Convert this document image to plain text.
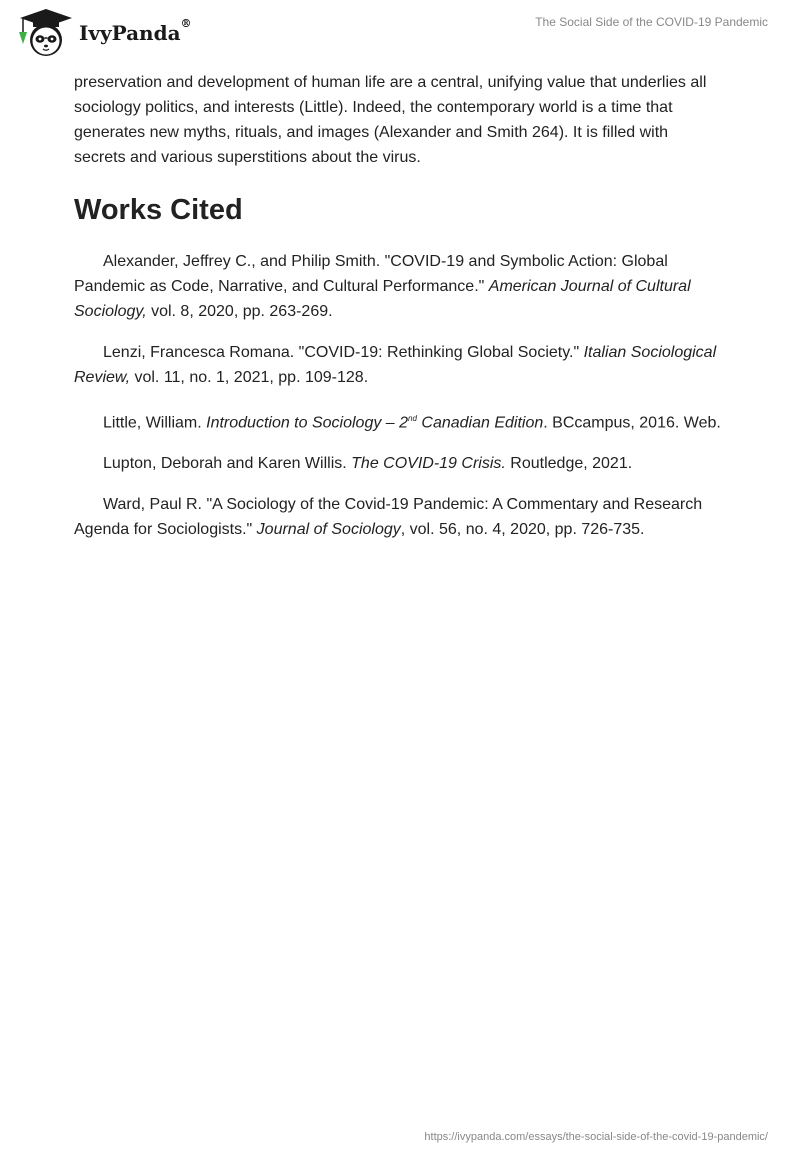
IvyPanda®	The Social Side of the COVID-19 Pandemic

preservation and development of human life are a central, unifying value that underlies all sociology politics, and interests (Little). Indeed, the contemporary world is a time that generates new myths, rituals, and images (Alexander and Smith 264). It is filled with secrets and various superstitions about the virus.

Works Cited

Alexander, Jeffrey C., and Philip Smith. "COVID-19 and Symbolic Action: Global Pandemic as Code, Narrative, and Cultural Performance." American Journal of Cultural Sociology, vol. 8, 2020, pp. 263-269.

Lenzi, Francesca Romana. "COVID-19: Rethinking Global Society." Italian Sociological Review, vol. 11, no. 1, 2021, pp. 109-128.

Little, William. Introduction to Sociology – 2nd Canadian Edition. BCcampus, 2016. Web.

Lupton, Deborah and Karen Willis. The COVID-19 Crisis. Routledge, 2021.

Ward, Paul R. "A Sociology of the Covid-19 Pandemic: A Commentary and Research Agenda for Sociologists." Journal of Sociology, vol. 56, no. 4, 2020, pp. 726-735.

https://ivypanda.com/essays/the-social-side-of-the-covid-19-pandemic/
